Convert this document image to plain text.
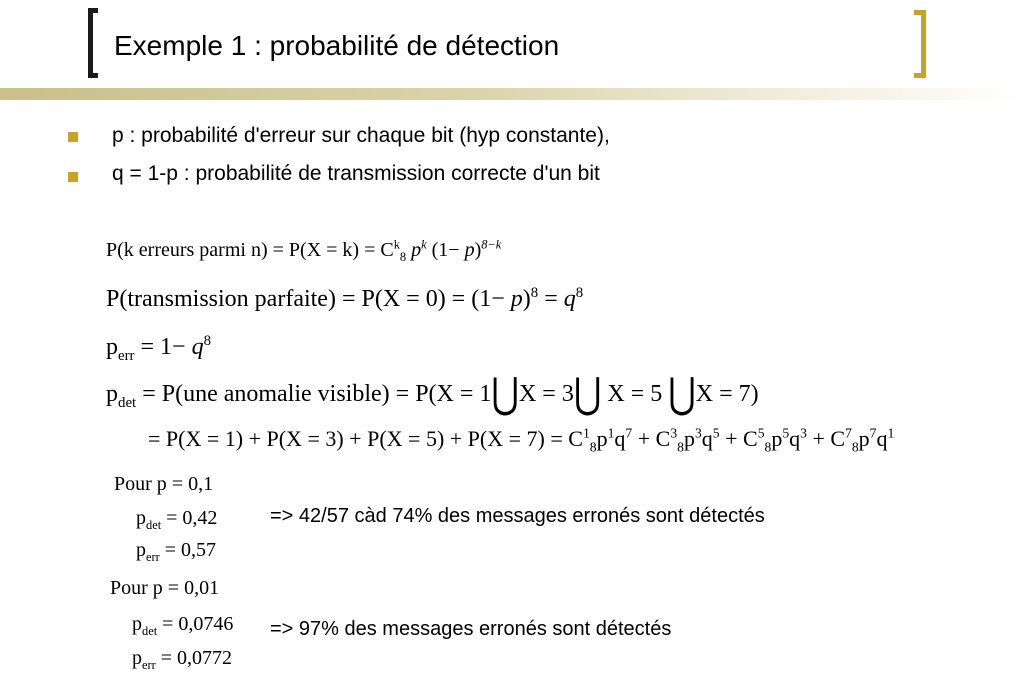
Exemple 1 : probabilité de détection
p : probabilité d'erreur sur chaque bit (hyp constante),
q = 1-p : probabilité de transmission correcte d'un bit
P(k erreurs parmi $n) = P(X = k) = C^k_8$ $p^k$ $(1- p)^{8-k}$
P(transmission parfaite) = $P(X = 0) = (1- p)^8 = q^8$
$p_{err} = 1- q^8$
$p_{det} = P(une$ anomalie visible) = P(X = 1⋃X = 3⋃ X = 5 ⋃X = 7)
= $P(X = 1) + P(X = 3) + P(X = 5) + P(X = 7) = C^1_8p^1q^7 + C^3_8p^3q^5 + C^5_8p^5q^3 + C^7_8p^7q^1$
Pour p = 0,1
$p_{det} = 0,42$
$p_{err} = 0,57$
=> 42/57 càd 74% des messages erronés sont détectés
Pour p = 0,01
$p_{det} = 0,0746$
$p_{err} = 0,0772$
=> 97% des messages erronés sont détectés
